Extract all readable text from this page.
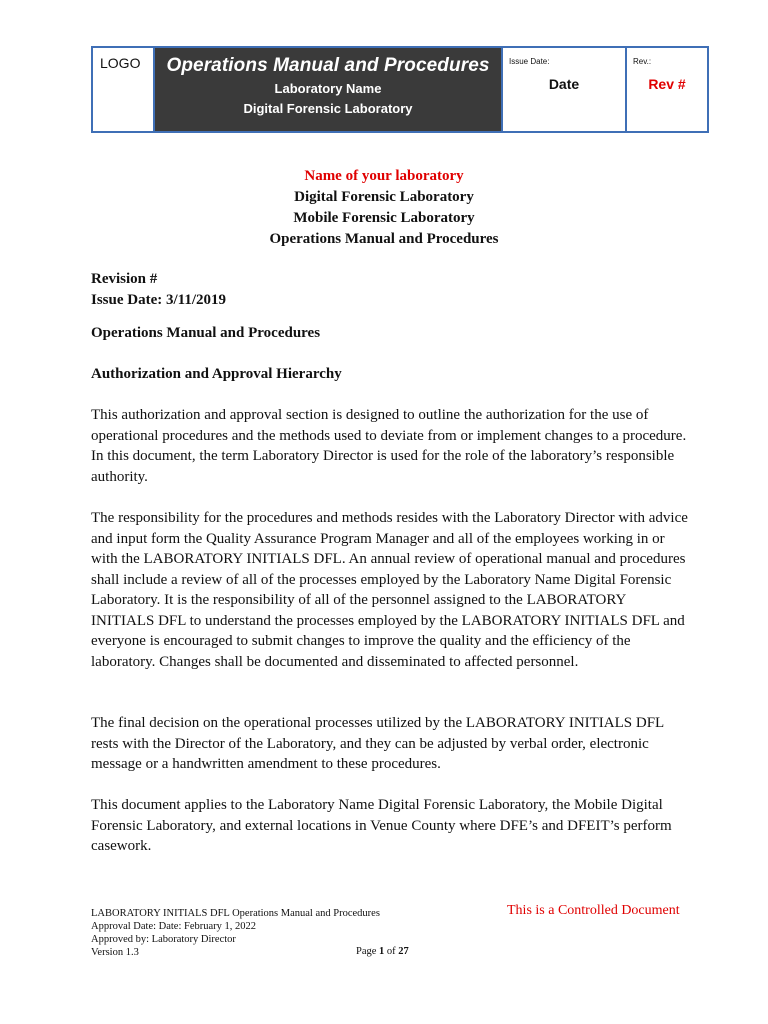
LOGO	Operations Manual and Procedures
Laboratory Name
Digital Forensic Laboratory
Issue Date:
Date
Rev.:
Rev #
Name of your laboratory
Digital Forensic Laboratory
Mobile Forensic Laboratory
Operations Manual and Procedures
Revision #
Issue Date: 3/11/2019
Operations Manual and Procedures
Authorization and Approval Hierarchy

This authorization and approval section is designed to outline the authorization for the use of operational procedures and the methods used to deviate from or implement changes to a procedure. In this document, the term Laboratory Director is used for the role of the laboratory’s responsible authority.

The responsibility for the procedures and methods resides with the Laboratory Director with advice and input form the Quality Assurance Program Manager and all of the employees working in or with the LABORATORY INITIALS DFL. An annual review of operational manual and procedures shall include a review of all of the processes employed by the Laboratory Name Digital Forensic Laboratory. It is the responsibility of all of the personnel assigned to the LABORATORY INITIALS DFL to understand the processes employed by the LABORATORY INITIALS DFL and everyone is encouraged to submit changes to improve the quality and the efficiency of the laboratory. Changes shall be documented and disseminated to affected personnel.

The final decision on the operational processes utilized by the LABORATORY INITIALS DFL rests with the Director of the Laboratory, and they can be adjusted by verbal order, electronic message or a handwritten amendment to these procedures.

This document applies to the Laboratory Name Digital Forensic Laboratory, the Mobile Digital Forensic Laboratory, and external locations in Venue County where DFE’s and DFEIT’s perform casework.

LABORATORY INITIALS DFL Operations Manual and Procedures
Approval Date: Date: February 1, 2022
Approved by: Laboratory Director
Version 1.3
This is a Controlled Document
Page 1 of 27
